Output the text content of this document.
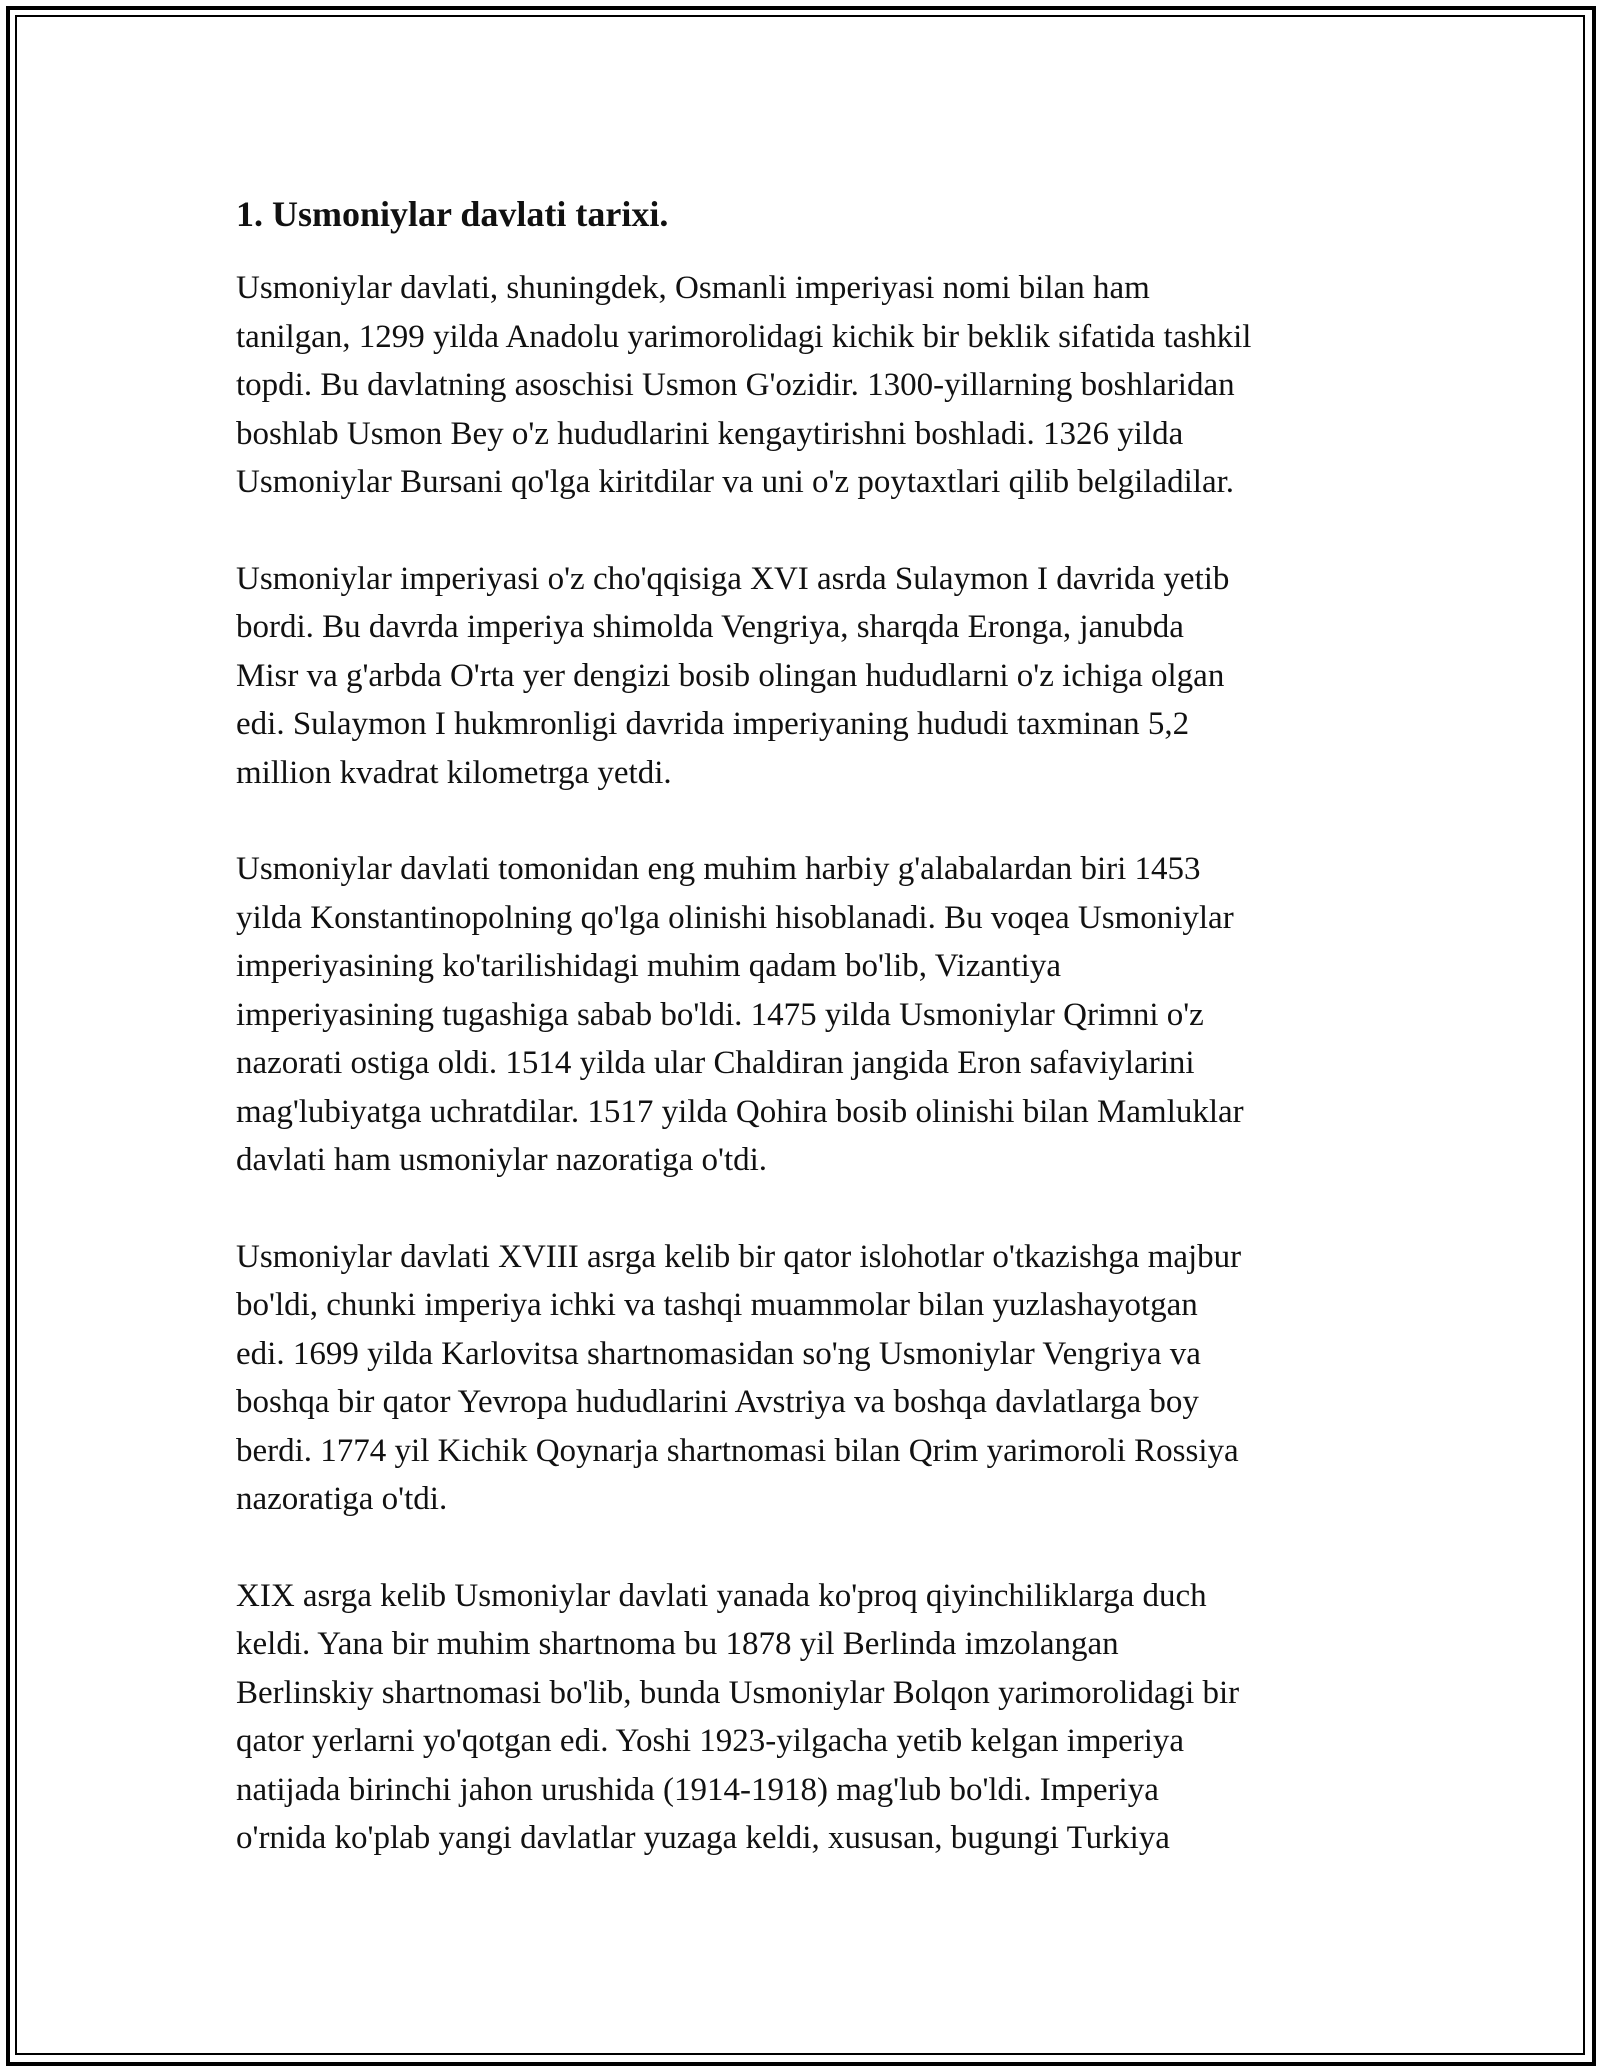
1. Usmoniylar davlati tarixi.

Usmoniylar davlati, shuningdek, Osmanli imperiyasi nomi bilan ham
tanilgan, 1299 yilda Anadolu yarimorolidagi kichik bir beklik sifatida tashkil
topdi. Bu davlatning asoschisi Usmon G'ozidir. 1300-yillarning boshlaridan
boshlab Usmon Bey o'z hududlarini kengaytirishni boshladi. 1326 yilda
Usmoniylar Bursani qo'lga kiritdilar va uni o'z poytaxtlari qilib belgiladilar.

Usmoniylar imperiyasi o'z cho'qqisiga XVI asrda Sulaymon I davrida yetib
bordi. Bu davrda imperiya shimolda Vengriya, sharqda Eronga, janubda
Misr va g'arbda O'rta yer dengizi bosib olingan hududlarni o'z ichiga olgan
edi. Sulaymon I hukmronligi davrida imperiyaning hududi taxminan 5,2
million kvadrat kilometrga yetdi.

Usmoniylar davlati tomonidan eng muhim harbiy g'alabalardan biri 1453
yilda Konstantinopolning qo'lga olinishi hisoblanadi. Bu voqea Usmoniylar
imperiyasining ko'tarilishidagi muhim qadam bo'lib, Vizantiya
imperiyasining tugashiga sabab bo'ldi. 1475 yilda Usmoniylar Qrimni o'z
nazorati ostiga oldi. 1514 yilda ular Chaldiran jangida Eron safaviylarini
mag'lubiyatga uchratdilar. 1517 yilda Qohira bosib olinishi bilan Mamluklar
davlati ham usmoniylar nazoratiga o'tdi.

Usmoniylar davlati XVIII asrga kelib bir qator islohotlar o'tkazishga majbur
bo'ldi, chunki imperiya ichki va tashqi muammolar bilan yuzlashayotgan
edi. 1699 yilda Karlovitsa shartnomasidan so'ng Usmoniylar Vengriya va
boshqa bir qator Yevropa hududlarini Avstriya va boshqa davlatlarga boy
berdi. 1774 yil Kichik Qoynarja shartnomasi bilan Qrim yarimoroli Rossiya
nazoratiga o'tdi.

XIX asrga kelib Usmoniylar davlati yanada ko'proq qiyinchiliklarga duch
keldi. Yana bir muhim shartnoma bu 1878 yil Berlinda imzolangan
Berlinskiy shartnomasi bo'lib, bunda Usmoniylar Bolqon yarimorolidagi bir
qator yerlarni yo'qotgan edi. Yoshi 1923-yilgacha yetib kelgan imperiya
natijada birinchi jahon urushida (1914-1918) mag'lub bo'ldi. Imperiya
o'rnida ko'plab yangi davlatlar yuzaga keldi, xususan, bugungi Turkiya
